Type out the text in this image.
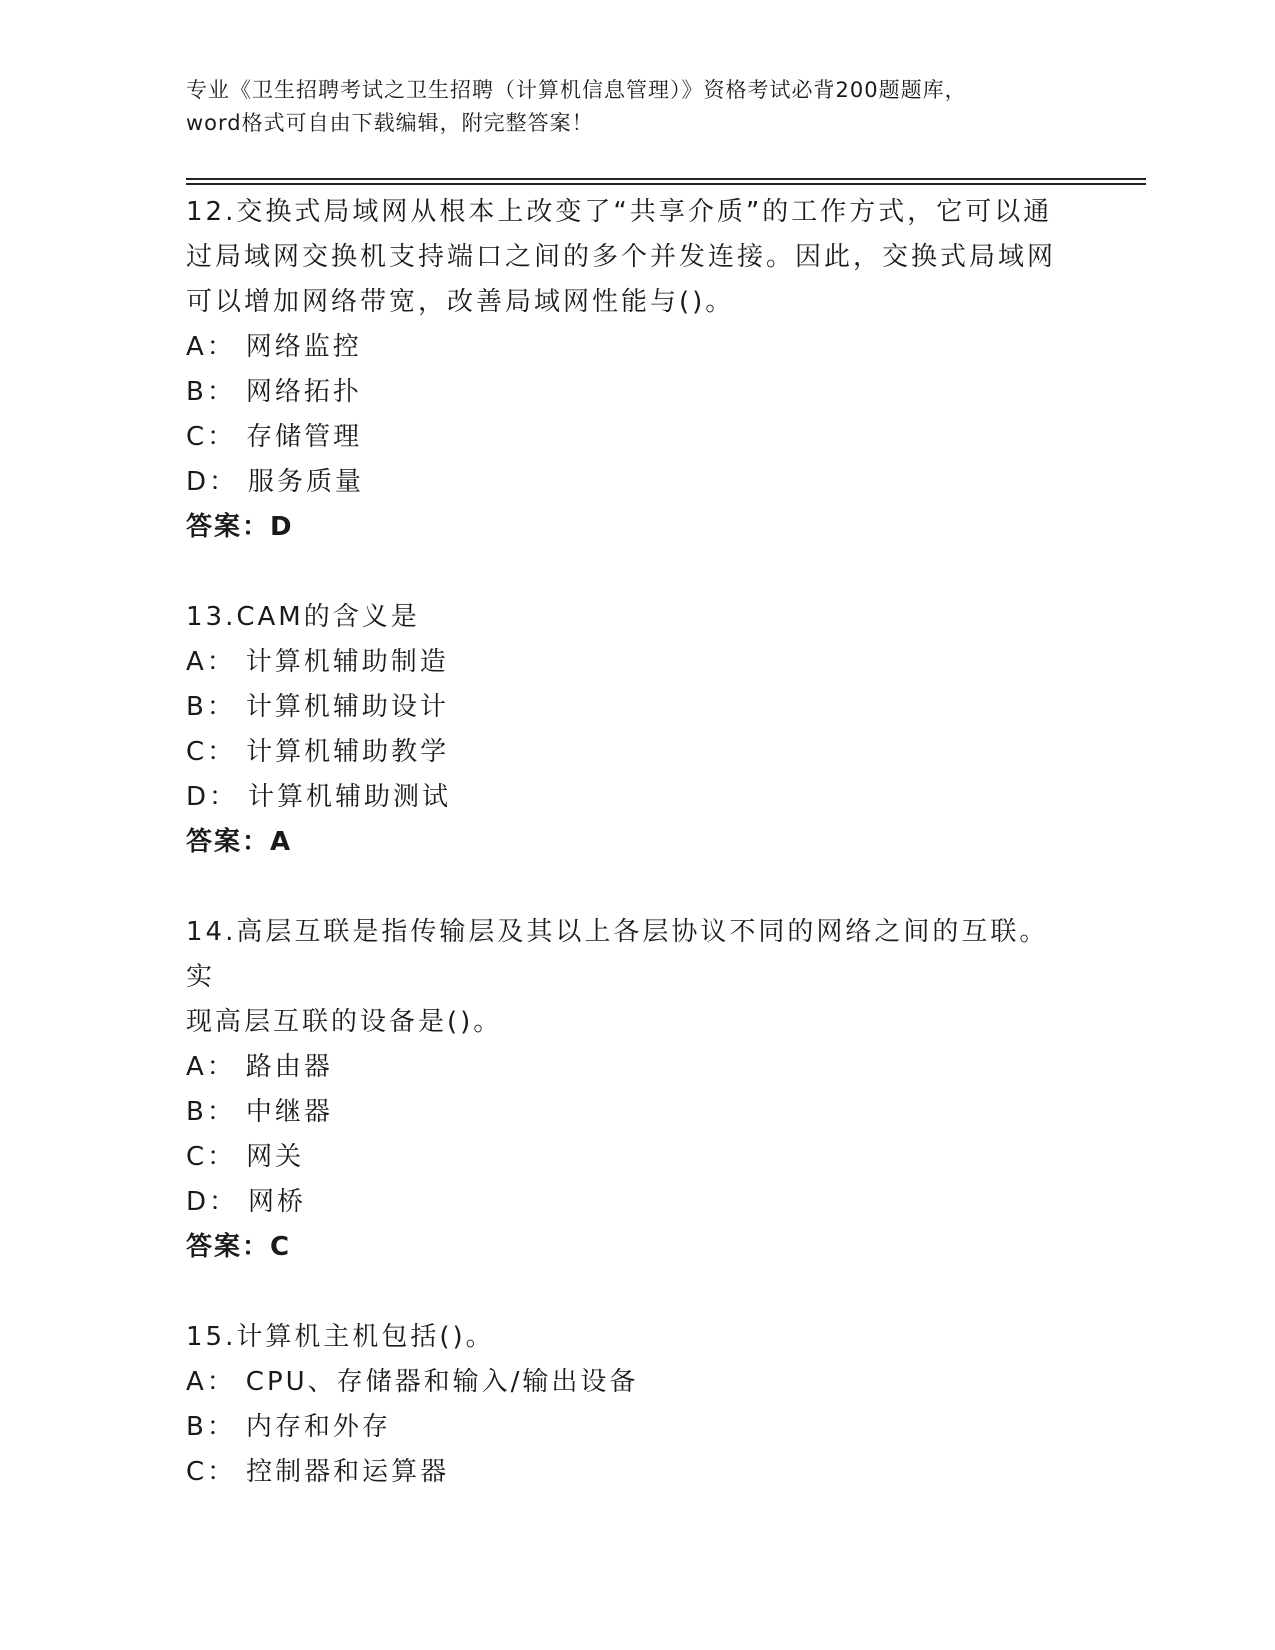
专业《卫生招聘考试之卫生招聘（计算机信息管理）》资格考试必背200题题库，
word格式可自由下载编辑，附完整答案！

12.交换式局域网从根本上改变了“共享介质”的工作方式，它可以通
过局域网交换机支持端口之间的多个并发连接。因此，交换式局域网
可以增加网络带宽，改善局域网性能与()。

A： 网络监控

B： 网络拓扑

C： 存储管理

D： 服务质量

答案：D

13.CAM的含义是

A： 计算机辅助制造

B： 计算机辅助设计

C： 计算机辅助教学

D： 计算机辅助测试

答案：A

14.高层互联是指传输层及其以上各层协议不同的网络之间的互联。实
现高层互联的设备是()。

A： 路由器

B： 中继器

C： 网关

D： 网桥

答案：C

15.计算机主机包括()。

A： CPU、存储器和输入/输出设备

B： 内存和外存

C： 控制器和运算器
